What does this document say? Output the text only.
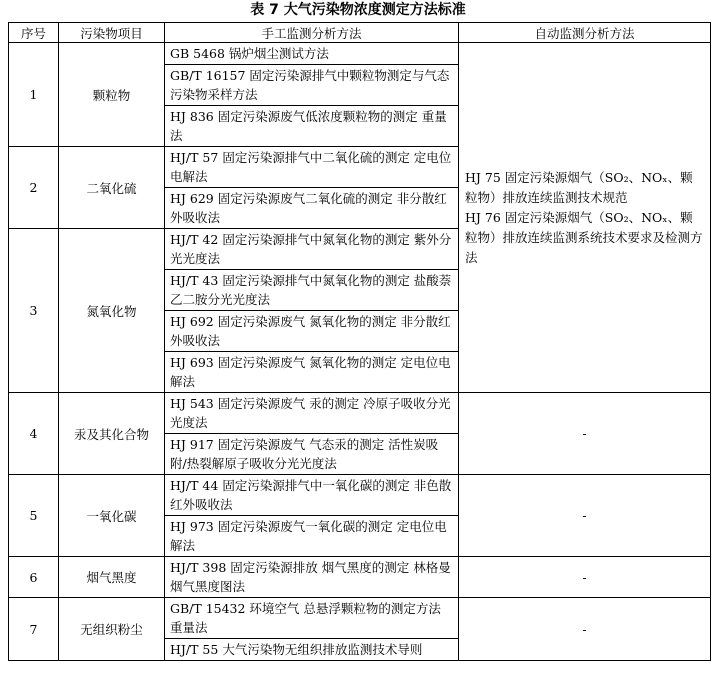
表 7 大气污染物浓度测定方法标准
序号	污染物项目	手工监测分析方法	自动监测分析方法
1	颗粒物	GB 5468 锅炉烟尘测试方法	HJ 75 固定污染源烟气（SO₂、NOₓ、颗粒物）排放连续监测技术规范
HJ 76 固定污染源烟气（SO₂、NOₓ、颗粒物）排放连续监测系统技术要求及检测方法

		GB/T 16157 固定污染源排气中颗粒物测定与气态污染物采样方法	
		HJ 836 固定污染源废气低浓度颗粒物的测定 重量法	
2	二氧化硫	HJ/T 57 固定污染源排气中二氧化硫的测定 定电位电解法	
		HJ 629 固定污染源废气二氧化硫的测定 非分散红外吸收法	
3	氮氧化物	HJ/T 42 固定污染源排气中氮氧化物的测定 紫外分光光度法	
		HJ/T 43 固定污染源排气中氮氧化物的测定 盐酸萘乙二胺分光光度法	
		HJ 692 固定污染源废气 氮氧化物的测定 非分散红外吸收法	
		HJ 693 固定污染源废气 氮氧化物的测定 定电位电解法	
4	汞及其化合物	HJ 543 固定污染源废气 汞的测定 冷原子吸收分光光度法	-
		HJ 917 固定污染源废气 气态汞的测定 活性炭吸附/热裂解原子吸收分光光度法	
5	一氧化碳	HJ/T 44 固定污染源排气中一氧化碳的测定 非色散红外吸收法	-
		HJ 973 固定污染源废气一氧化碳的测定 定电位电解法	
6	烟气黑度	HJ/T 398 固定污染源排放 烟气黑度的测定 林格曼烟气黑度图法	-
7	无组织粉尘	GB/T 15432 环境空气 总悬浮颗粒物的测定方法 重量法	-
		HJ/T 55 大气污染物无组织排放监测技术导则	
